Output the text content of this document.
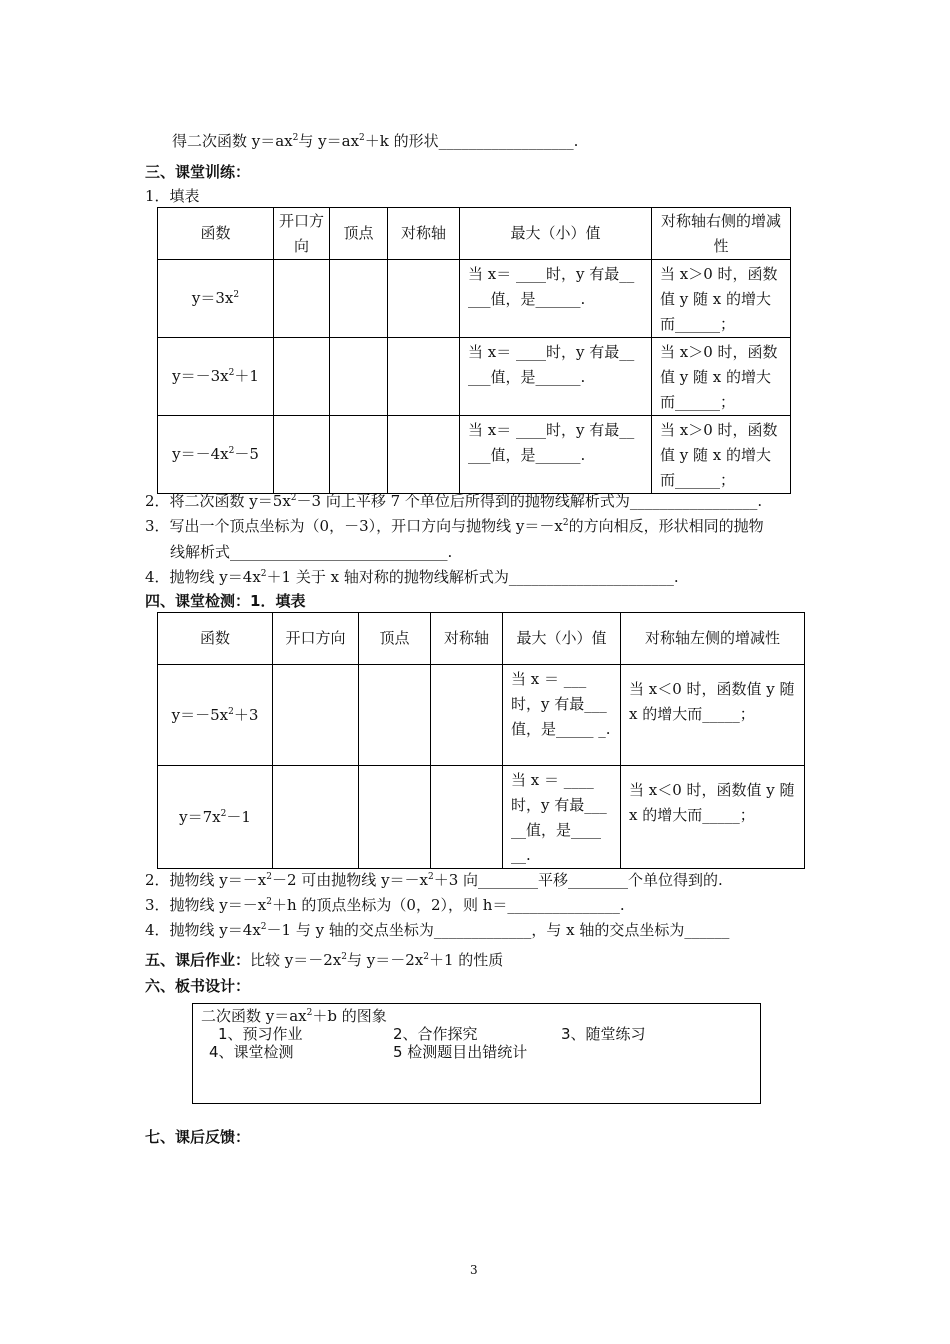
得二次函数 $y=ax^2$与 $y=ax^2+k$ 的形状__________________.
三、课堂训练：
1．填表
函数	开口方向	顶点	对称轴	最大（小）值	对称轴右侧的增减性
$y=3x^2$				当 x＝ ____时，y 有最__ ___值，是______.	当 x＞0 时，函数值 y 随 x 的增大而______；
$y=-3x^2+1$				当 x＝ ____时，y 有最__ ___值，是______.	当 x＞0 时，函数值 y 随 x 的增大而______；
$y=-4x^2-5$				当 x＝ ____时，y 有最__ ___值，是______.	当 x＞0 时，函数值 y 随 x 的增大而______；
2．将二次函数 $y=5x^2-3$ 向上平移 7 个单位后所得到的抛物线解析式为_________________.
3．写出一个顶点坐标为（0，－3），开口方向与抛物线 $y=-x^2$的方向相反，形状相同的抛物
线解析式_____________________________.
4．抛物线 $y=4x^2+1$ 关于 x 轴对称的抛物线解析式为______________________.
四、课堂检测：1．填表
函数	开口方向	顶点	对称轴	最大（小）值	对称轴左侧的增减性
$y=-5x^2+3$				当 x ＝ ___ 时，y 有最___ 值，是_____ _.	当 x＜0 时，函数值 y 随 x 的增大而_____；
$y=7x^2-1$				当 x ＝ ____ 时，y 有最___ __值，是____ __.	当 x＜0 时，函数值 y 随 x 的增大而_____；
2．抛物线 $y=-x^2-2$ 可由抛物线 $y=-x^2+3$ 向________平移________个单位得到的.
3．抛物线 $y=-x^2+h$ 的顶点坐标为（0，2），则 h＝_______________.
4．抛物线 $y=4x^2-1$ 与 y 轴的交点坐标为_____________，与 x 轴的交点坐标为______
五、课后作业：比较 $y=-2x^2$与 $y=-2x^2+1$ 的性质
六、板书设计：
二次函数 $y=ax^2+b$ 的图象
1、预习作业	2、合作探究	3、随堂练习
4、课堂检测	5 检测题目出错统计
七、课后反馈：
3
